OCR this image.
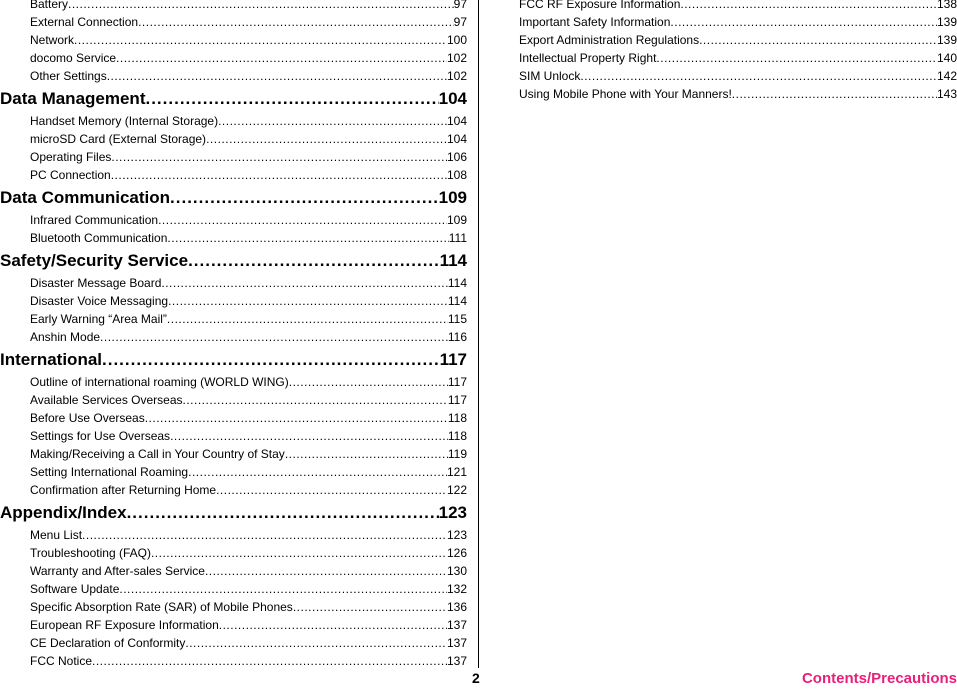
Battery .....	97
External Connection .....	97
Network .....	100
docomo Service .....	102
Other Settings .....	102
Data Management .....	104
Handset Memory (Internal Storage) .....	104
microSD Card (External Storage) .....	104
Operating Files .....	106
PC Connection .....	108
Data Communication .....	109
Infrared Communication .....	109
Bluetooth Communication .....	111
Safety/Security Service .....	114
Disaster Message Board .....	114
Disaster Voice Messaging .....	114
Early Warning “Area Mail” .....	115
Anshin Mode .....	116
International .....	117
Outline of international roaming (WORLD WING) .....	117
Available Services Overseas .....	117
Before Use Overseas .....	118
Settings for Use Overseas .....	118
Making/Receiving a Call in Your Country of Stay .....	119
Setting International Roaming .....	121
Confirmation after Returning Home .....	122
Appendix/Index .....	123
Menu List .....	123
Troubleshooting (FAQ) .....	126
Warranty and After-sales Service .....	130
Software Update .....	132
Specific Absorption Rate (SAR) of Mobile Phones .....	136
European RF Exposure Information .....	137
CE Declaration of Conformity .....	137
FCC Notice .....	137
FCC RF Exposure Information .....	138
Important Safety Information .....	139
Export Administration Regulations .....	139
Intellectual Property Right .....	140
SIM Unlock .....	142
Using Mobile Phone with Your Manners! .....	143
2	Contents/Precautions
